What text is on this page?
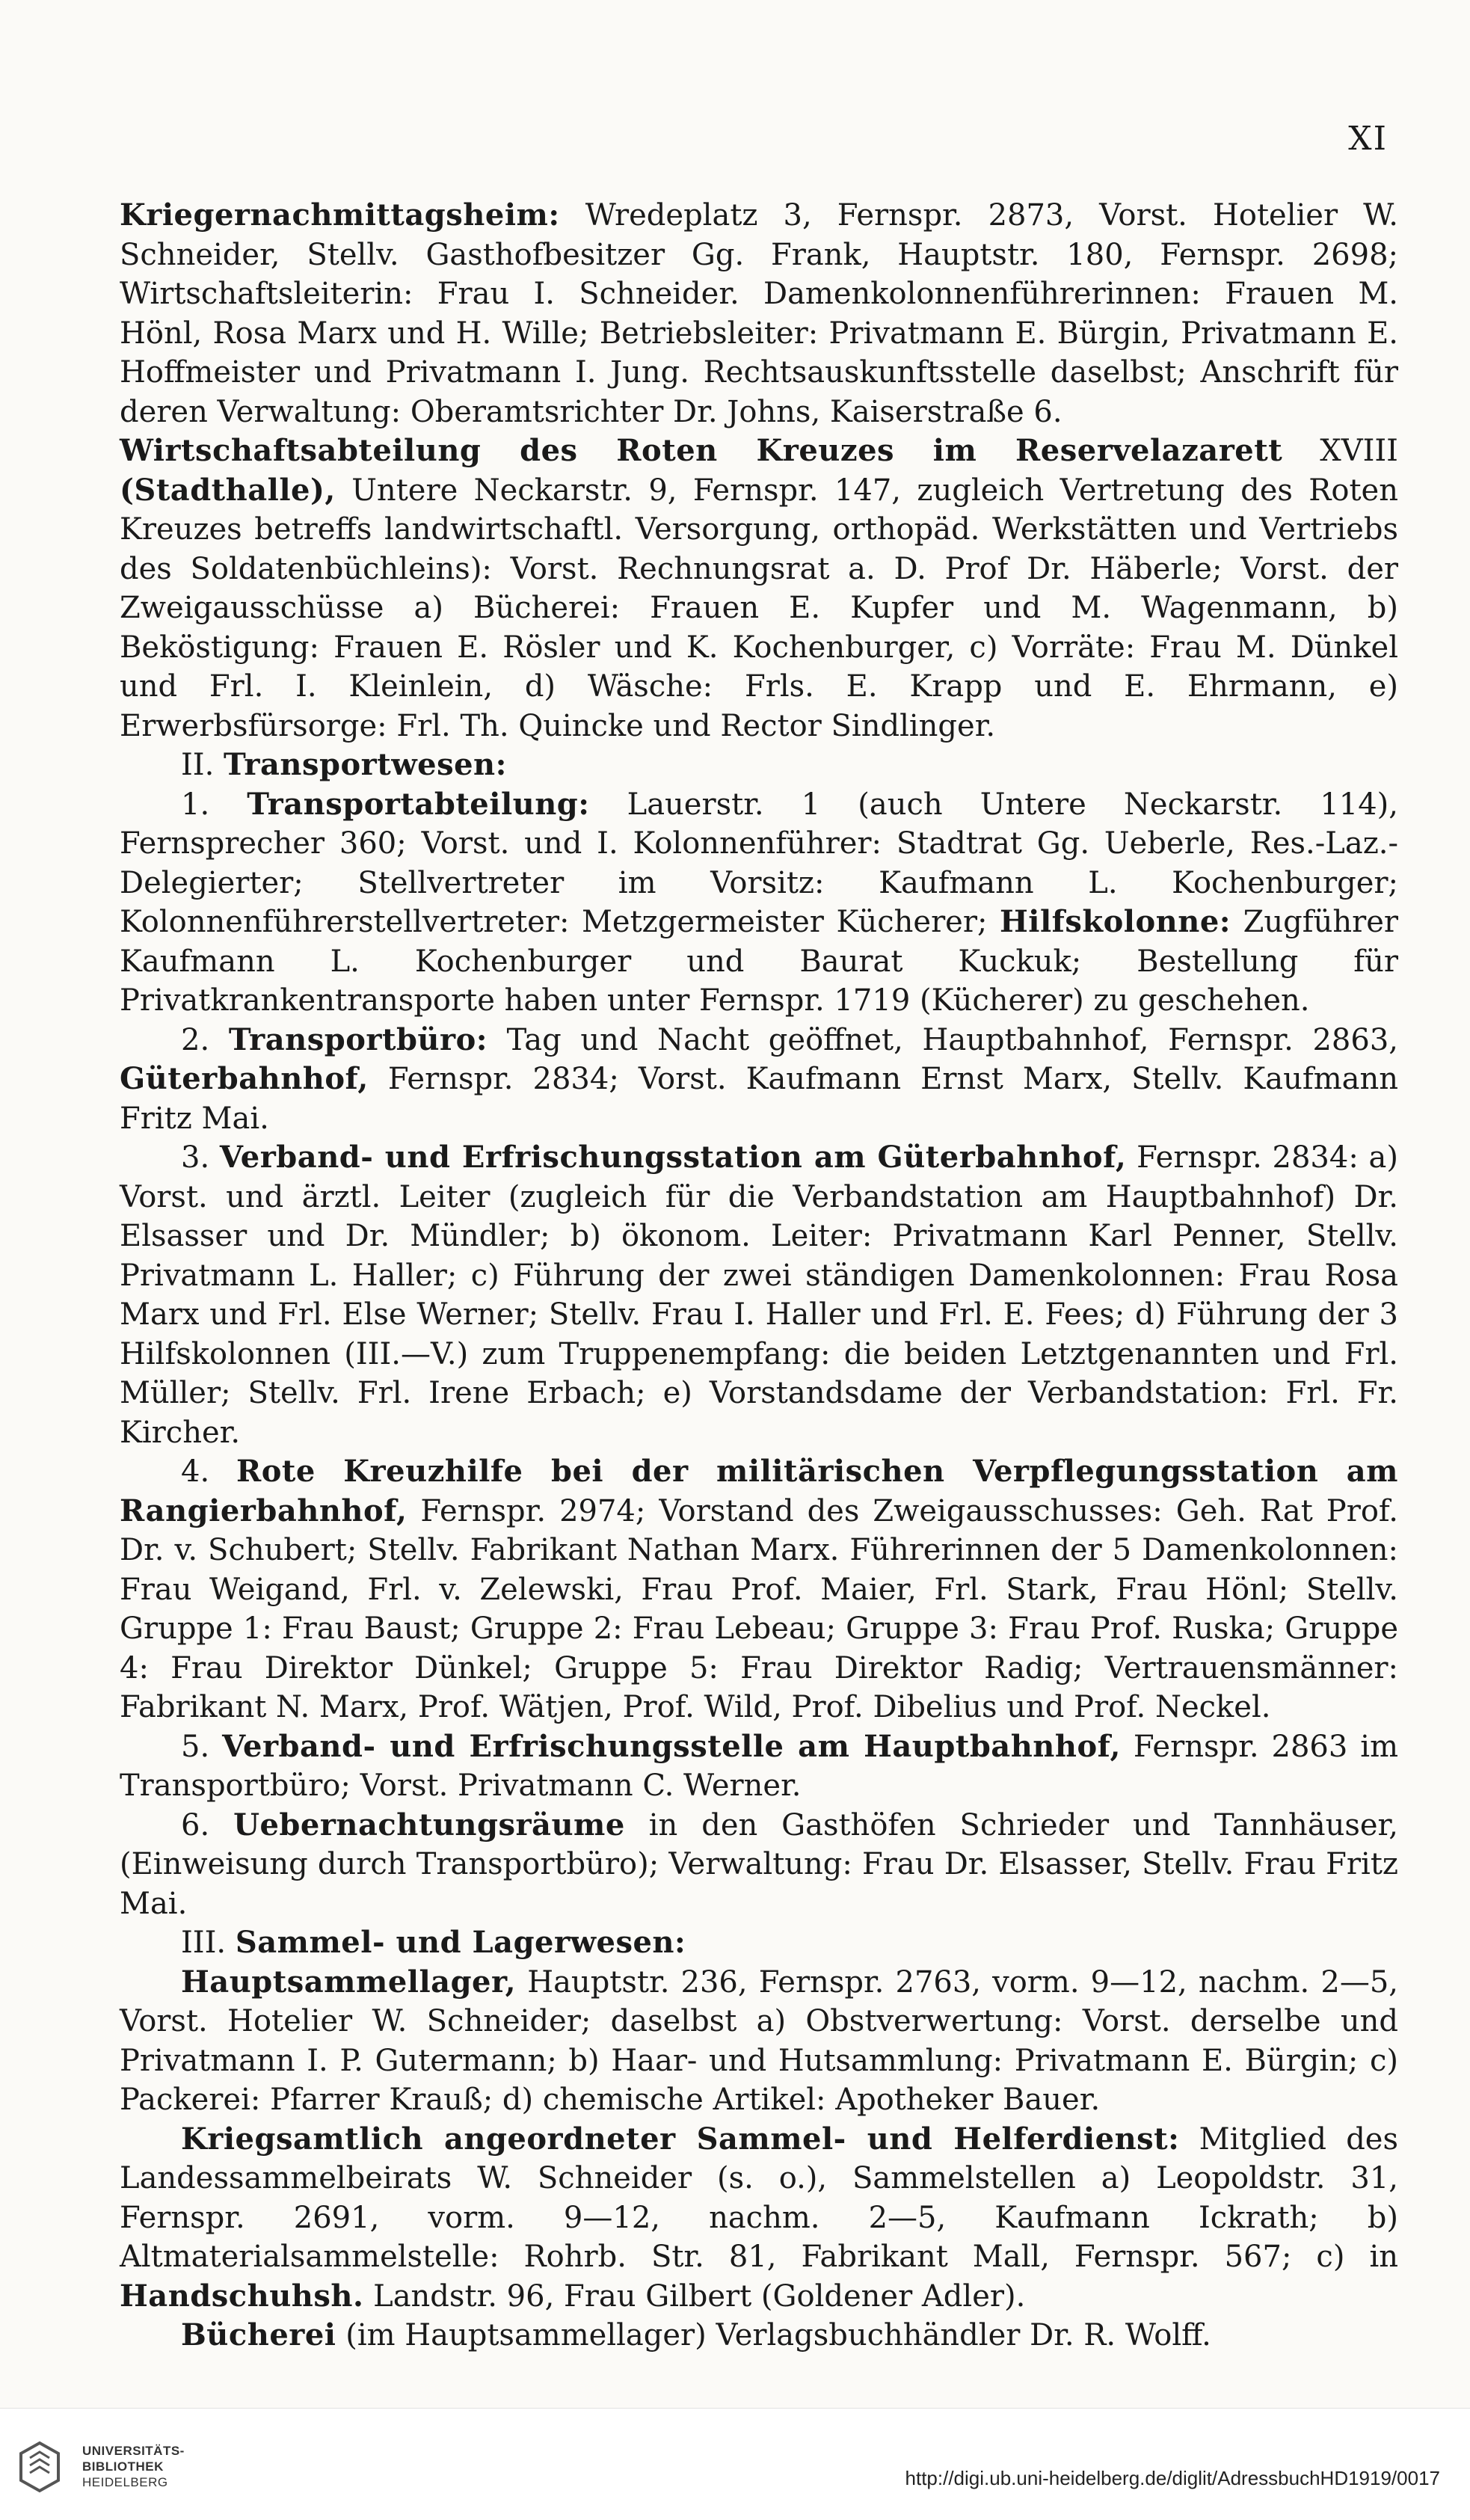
XI

Kriegernachmittagsheim: Wredeplatz 3, Fernspr. 2873, Vorst. Hotelier W. Schneider, Stellv. Gasthofbesitzer Gg. Frank, Hauptstr. 180, Fernspr. 2698; Wirtschaftsleiterin: Frau I. Schneider. Damenkolonnenführerinnen: Frauen M. Hönl, Rosa Marx und H. Wille; Betriebsleiter: Privatmann E. Bürgin, Privatmann E. Hoffmeister und Privatmann I. Jung. Rechtsauskunftsstelle daselbst; Anschrift für deren Verwaltung: Oberamtsrichter Dr. Johns, Kaiserstraße 6.

Wirtschaftsabteilung des Roten Kreuzes im Reservelazarett XVIII (Stadthalle), Untere Neckarstr. 9, Fernspr. 147, zugleich Vertretung des Roten Kreuzes betreffs landwirtschaftl. Versorgung, orthopäd. Werkstätten und Vertriebs des Soldatenbüchleins): Vorst. Rechnungsrat a. D. Prof Dr. Häberle; Vorst. der Zweigausschüsse a) Bücherei: Frauen E. Kupfer und M. Wagenmann, b) Beköstigung: Frauen E. Rösler und K. Kochenburger, c) Vorräte: Frau M. Dünkel und Frl. I. Kleinlein, d) Wäsche: Frls. E. Krapp und E. Ehrmann, e) Erwerbsfürsorge: Frl. Th. Quincke und Rector Sindlinger.

II. Transportwesen:

1. Transportabteilung: Lauerstr. 1 (auch Untere Neckarstr. 114), Fernsprecher 360; Vorst. und I. Kolonnenführer: Stadtrat Gg. Ueberle, Res.-Laz.-Delegierter; Stellvertreter im Vorsitz: Kaufmann L. Kochenburger; Kolonnenführerstellvertreter: Metzgermeister Kücherer; Hilfskolonne: Zugführer Kaufmann L. Kochenburger und Baurat Kuckuk; Bestellung für Privatkrankentransporte haben unter Fernspr. 1719 (Kücherer) zu geschehen.

2. Transportbüro: Tag und Nacht geöffnet, Hauptbahnhof, Fernspr. 2863, Güterbahnhof, Fernspr. 2834; Vorst. Kaufmann Ernst Marx, Stellv. Kaufmann Fritz Mai.

3. Verband- und Erfrischungsstation am Güterbahnhof, Fernspr. 2834: a) Vorst. und ärztl. Leiter (zugleich für die Verbandstation am Hauptbahnhof) Dr. Elsasser und Dr. Mündler; b) ökonom. Leiter: Privatmann Karl Penner, Stellv. Privatmann L. Haller; c) Führung der zwei ständigen Damenkolonnen: Frau Rosa Marx und Frl. Else Werner; Stellv. Frau I. Haller und Frl. E. Fees; d) Führung der 3 Hilfskolonnen (III.—V.) zum Truppenempfang: die beiden Letztgenannten und Frl. Müller; Stellv. Frl. Irene Erbach; e) Vorstandsdame der Verbandstation: Frl. Fr. Kircher.

4. Rote Kreuzhilfe bei der militärischen Verpflegungsstation am Rangierbahnhof, Fernspr. 2974; Vorstand des Zweigausschusses: Geh. Rat Prof. Dr. v. Schubert; Stellv. Fabrikant Nathan Marx. Führerinnen der 5 Damenkolonnen: Frau Weigand, Frl. v. Zelewski, Frau Prof. Maier, Frl. Stark, Frau Hönl; Stellv. Gruppe 1: Frau Baust; Gruppe 2: Frau Lebeau; Gruppe 3: Frau Prof. Ruska; Gruppe 4: Frau Direktor Dünkel; Gruppe 5: Frau Direktor Radig; Vertrauensmänner: Fabrikant N. Marx, Prof. Wätjen, Prof. Wild, Prof. Dibelius und Prof. Neckel.

5. Verband- und Erfrischungsstelle am Hauptbahnhof, Fernspr. 2863 im Transportbüro; Vorst. Privatmann C. Werner.

6. Uebernachtungsräume in den Gasthöfen Schrieder und Tannhäuser, (Einweisung durch Transportbüro); Verwaltung: Frau Dr. Elsasser, Stellv. Frau Fritz Mai.

III. Sammel- und Lagerwesen:

Hauptsammellager, Hauptstr. 236, Fernspr. 2763, vorm. 9—12, nachm. 2—5, Vorst. Hotelier W. Schneider; daselbst a) Obstverwertung: Vorst. derselbe und Privatmann I. P. Gutermann; b) Haar- und Hutsammlung: Privatmann E. Bürgin; c) Packerei: Pfarrer Krauß; d) chemische Artikel: Apotheker Bauer.

Kriegsamtlich angeordneter Sammel- und Helferdienst: Mitglied des Landessammelbeirats W. Schneider (s. o.), Sammelstellen a) Leopoldstr. 31, Fernspr. 2691, vorm. 9—12, nachm. 2—5, Kaufmann Ickrath; b) Altmaterialsammelstelle: Rohrb. Str. 81, Fabrikant Mall, Fernspr. 567; c) in Handschuhsh. Landstr. 96, Frau Gilbert (Goldener Adler).

Bücherei (im Hauptsammellager) Verlagsbuchhändler Dr. R. Wolff.

UNIVERSITÄTS-
BIBLIOTHEK
HEIDELBERG	http://digi.ub.uni-heidelberg.de/diglit/AdressbuchHD1919/0017
